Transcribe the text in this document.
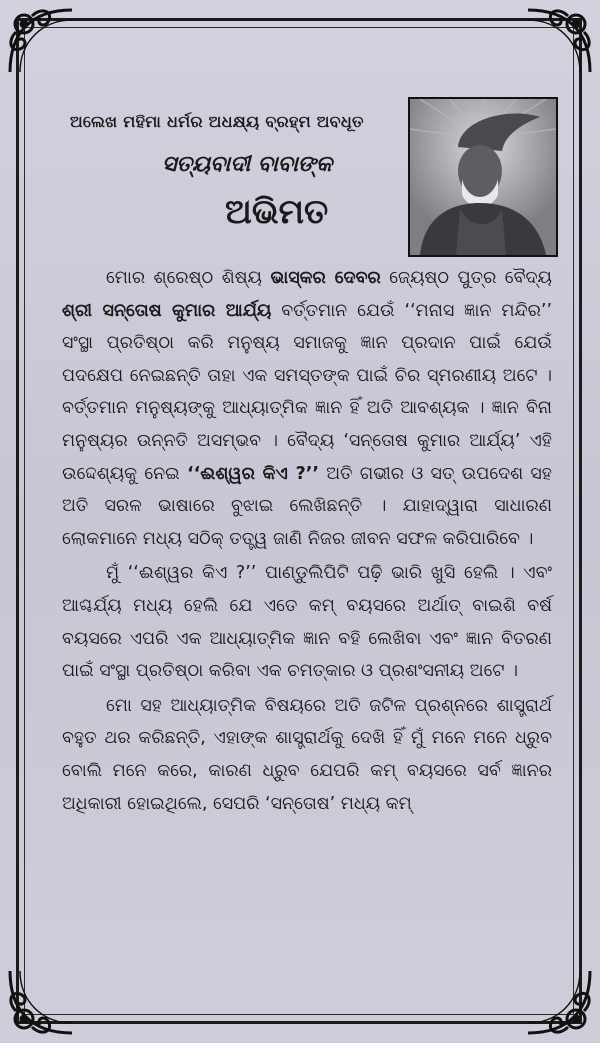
ଅଲେଖ ମହିମା ଧର୍ମର ଅଧକ୍ଷ୍ୟ ବ୍ରହ୍ମ ଅବଧୂତ
ସତ୍ୟବାଦୀ ବାବାଙ୍କ
ଅଭିମତ

ମୋର ଶ୍ରେଷ୍ଠ ଶିଷ୍ୟ ଭାସ୍କର ଦେବର ଜ୍ୟେଷ୍ଠ ପୁତ୍ର ବୈଦ୍ୟ ଶ୍ରୀ ସନ୍ତୋଷ କୁମାର ଆର୍ଯ୍ୟ ବର୍ତ୍ତମାନ ଯେଉଁ ‘‘ମନାସ ଜ୍ଞାନ ମନ୍ଦିର’’ ସଂସ୍ଥା ପ୍ରତିଷ୍ଠା କରି ମନୁଷ୍ୟ ସମାଜକୁ ଜ୍ଞାନ ପ୍ରଦାନ ପାଇଁ ଯେଉଁ ପଦକ୍ଷେପ ନେଇଛନ୍ତି ତାହା ଏକ ସମସ୍ତଙ୍କ ପାଇଁ ଚିର ସ୍ମରଣୀୟ ଅଟେ । ବର୍ତ୍ତମାନ ମନୁଷ୍ୟଙ୍କୁ ଆଧ୍ୟାତ୍ମିକ ଜ୍ଞାନ ହିଁ ଅତି ଆବଶ୍ୟକ । ଜ୍ଞାନ ବିନା ମନୁଷ୍ୟର ଉନ୍ନତି ଅସମ୍ଭବ । ବୈଦ୍ୟ ‘ସନ୍ତୋଷ କୁମାର ଆର୍ଯ୍ୟ’ ଏହି ଉଦ୍ଦେଶ୍ୟକୁ ନେଇ ‘‘ଈଶ୍ୱର କିଏ ?’’ ଅତି ଗଭୀର ଓ ସତ୍ ଉପଦେଶ ସହ ଅତି ସରଳ ଭାଷାରେ ବୁଝାଇ ଲେଖିଛନ୍ତି । ଯାହାଦ୍ୱାରା ସାଧାରଣ ଲୋକମାନେ ମଧ୍ୟ ସଠିକ୍ ତତ୍ତ୍ୱ ଜାଣି ନିଜର ଜୀବନ ସଫଳ କରିପାରିବେ ।

ମୁଁ ‘‘ଈଶ୍ୱର କିଏ ?’’ ପାଣ୍ଡୁଲିପିଟି ପଢ଼ି ଭାରି ଖୁସି ହେଲି । ଏବଂ ଆଶ୍ଚର୍ଯ୍ୟ ମଧ୍ୟ ହେଲି ଯେ ଏତେ କମ୍ ବୟସରେ ଅର୍ଥାତ୍ ବାଇଶି ବର୍ଷ ବୟସରେ ଏପରି ଏକ ଆଧ୍ୟାତ୍ମିକ ଜ୍ଞାନ ବହି ଲେଖିବା ଏବଂ ଜ୍ଞାନ ବିତରଣ ପାଇଁ ସଂସ୍ଥା ପ୍ରତିଷ୍ଠା କରିବା ଏକ ଚମତ୍କାର ଓ ପ୍ରଶଂସନୀୟ ଅଟେ ।

ମୋ ସହ ଆଧ୍ୟାତ୍ମିକ ବିଷୟରେ ଅତି ଜଟିଳ ପ୍ରଶ୍ନରେ ଶାସ୍ତ୍ରାର୍ଥ ବହୁତ ଥର କରିଛନ୍ତି, ଏହାଙ୍କ ଶାସ୍ତ୍ରାର୍ଥକୁ ଦେଖି ହିଁ ମୁଁ ମନେ ମନେ ଧ୍ରୁବ ବୋଲି ମନେ କରେ, କାରଣ ଧ୍ରୁବ ଯେପରି କମ୍ ବୟସରେ ସର୍ବ ଜ୍ଞାନର ଅଧିକାରୀ ହୋଇଥିଲେ, ସେପରି ‘ସନ୍ତୋଷ’ ମଧ୍ୟ କମ୍
